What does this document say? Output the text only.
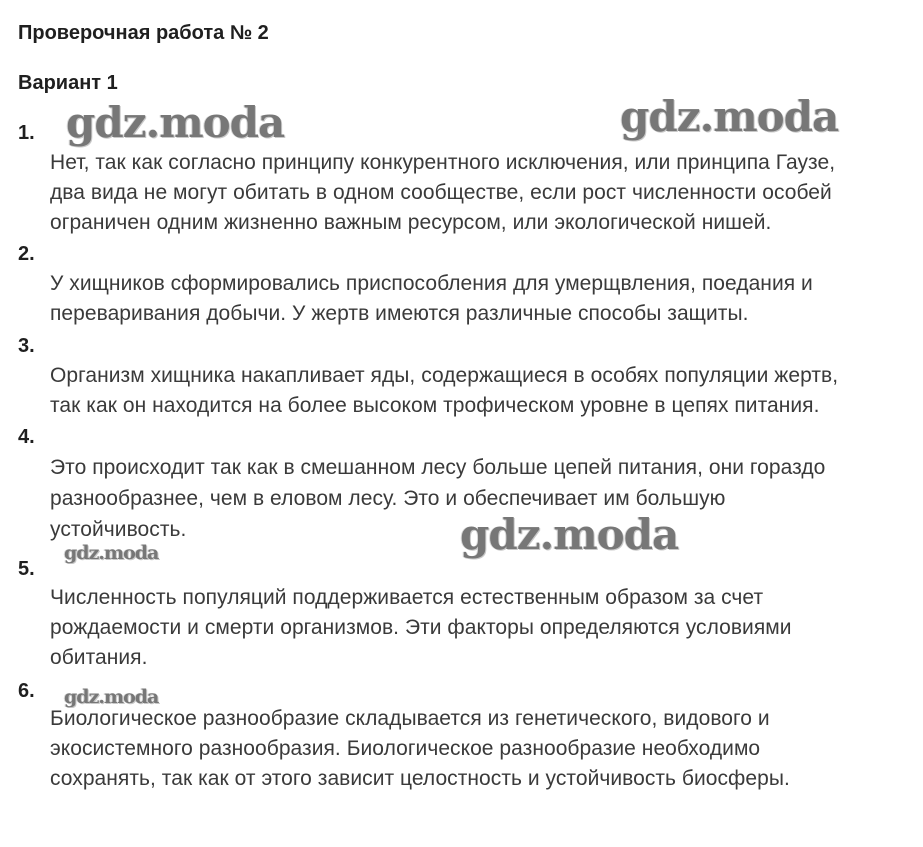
Проверочная работа № 2
Вариант 1
1.
Нет, так как согласно принципу конкурентного исключения, или принципа Гаузе,
два вида не могут обитать в одном сообществе, если рост численности особей
ограничен одним жизненно важным ресурсом, или экологической нишей.
2.
У хищников сформировались приспособления для умерщвления, поедания и
переваривания добычи. У жертв имеются различные способы защиты.
3.
Организм хищника накапливает яды, содержащиеся в особях популяции жертв,
так как он находится на более высоком трофическом уровне в цепях питания.
4.
Это происходит так как в смешанном лесу больше цепей питания, они гораздо
разнообразнее, чем в еловом лесу. Это и обеспечивает им большую
устойчивость.
5.
Численность популяций поддерживается естественным образом за счет
рождаемости и смерти организмов. Эти факторы определяются условиями
обитания.
6.
Биологическое разнообразие складывается из генетического, видового и
экосистемного разнообразия. Биологическое разнообразие необходимо
сохранять, так как от этого зависит целостность и устойчивость биосферы.
gdz.moda	gdz.moda
gdz.moda
gdz.moda
gdz.moda
